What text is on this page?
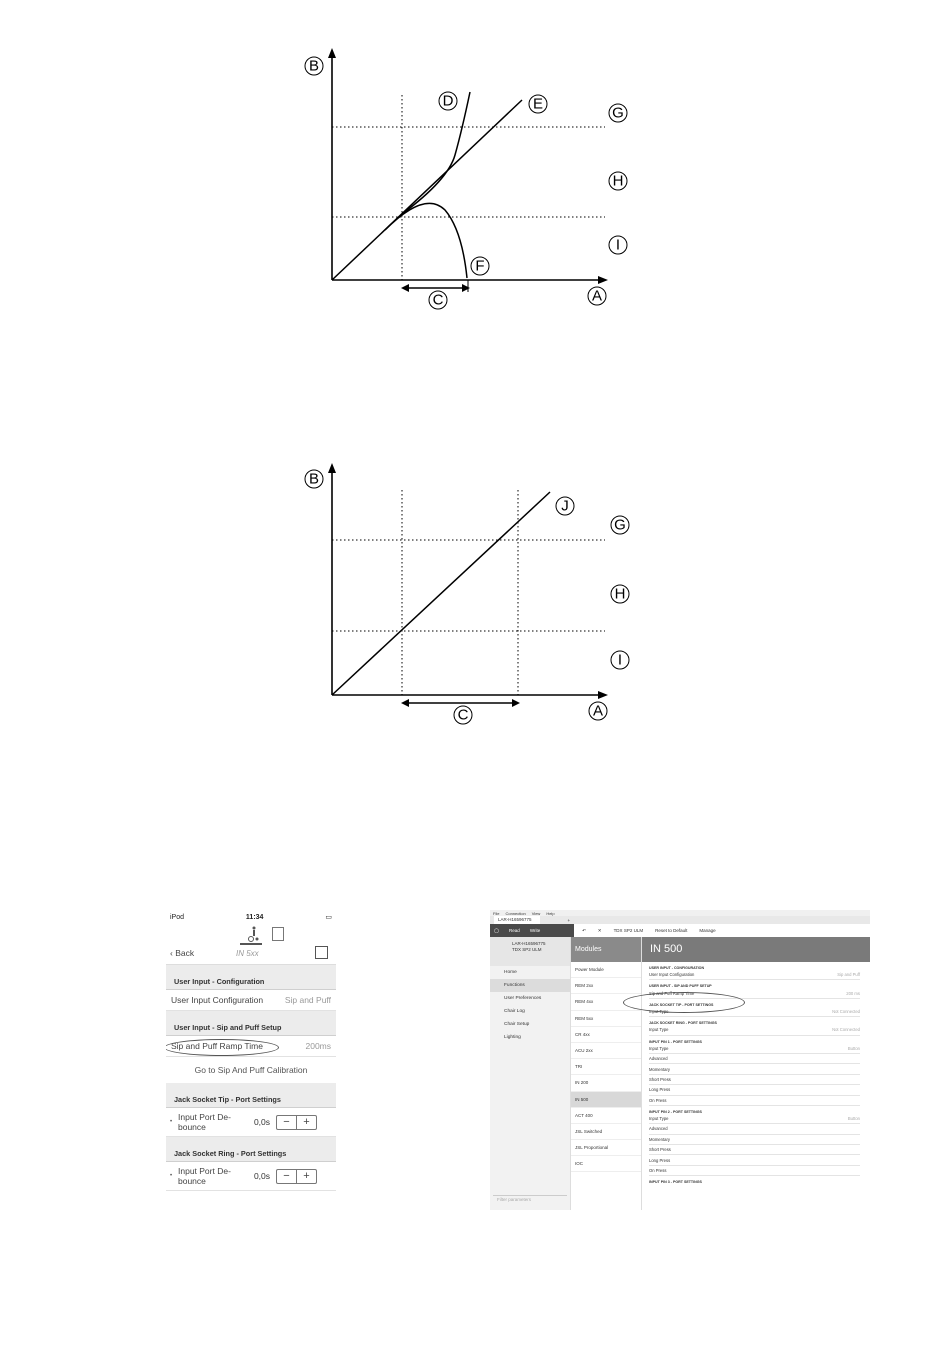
B
D	E
G
H
I
F
C	A
B
J
G
H
I
C	A
iPod	11:34	▭
‹ Back	IN 5xx
User Input - Configuration
User Input Configuration	Sip and Puff
User Input - Sip and Puff Setup
Sip and Puff Ramp Time	200ms
Go to Sip And Puff Calibration
Jack Socket Tip - Port Settings
• Input Port De-bounce	0,0s	−	+
Jack Socket Ring - Port Settings
• Input Port De-bounce	0,0s	−	+
File Connection View Help
LAR-H16596775	+
◯ Read Write	↶	✕	TDX SP2 ULM	Reset to Default	Manage
LAR-H16596775
TDX SP2 ULM
Home
Functions
User Preferences
Chair Log
Chair Setup
Lighting
Filter parameters
Modules
Power Module
REM 2xx
REM 4xx
REM 5xx
CR 4xx
ACU 2xx
TRI
IN 200
IN 500
ACT 400
JSL Switched
JSL Proportional
IOC
IN 500
USER INPUT - CONFIGURATION
User Input Configuration	Sip and Puff
USER INPUT - SIP AND PUFF SETUP
Sip and Puff Ramp Time	200 ms
JACK SOCKET TIP - PORT SETTINGS
Input Type	Not Connected
JACK SOCKET RING - PORT SETTINGS
Input Type	Not Connected
INPUT PIN 1 - PORT SETTINGS
Input Type	Button
Advanced
Momentary
Short Press
Long Press
On Press
INPUT PIN 2 - PORT SETTINGS
Input Type	Button
Advanced
Momentary
Short Press
Long Press
On Press
INPUT PIN 3 - PORT SETTINGS
